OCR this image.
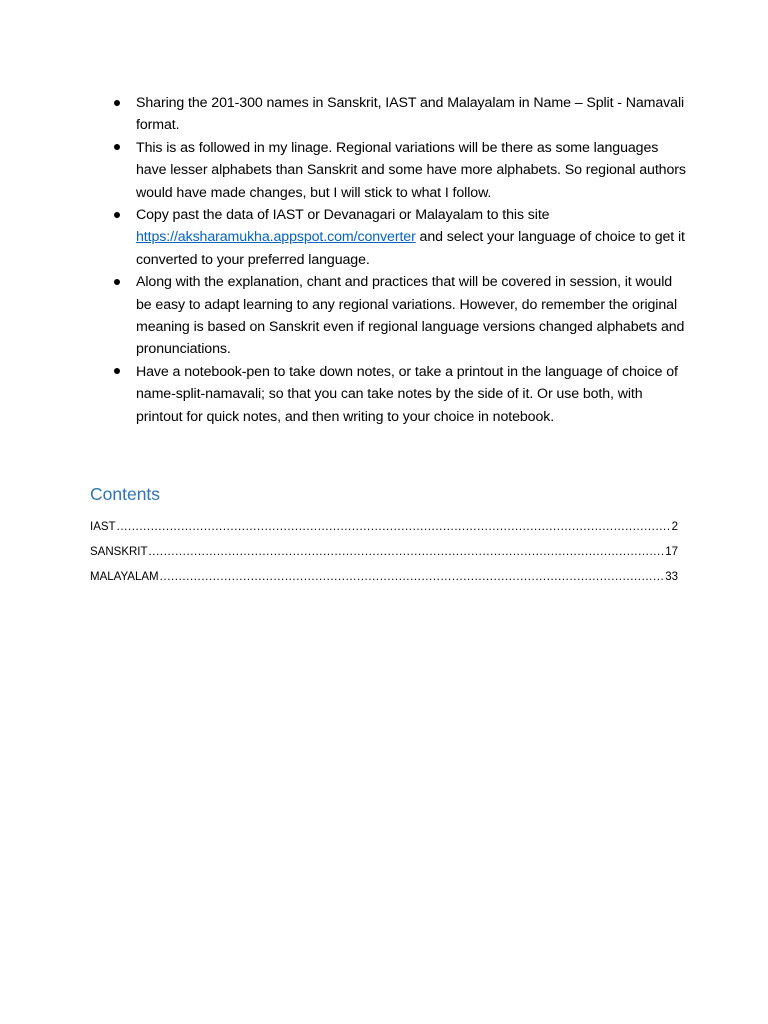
Sharing the 201-300 names in Sanskrit, IAST and Malayalam in Name – Split - Namavali format.
This is as followed in my linage. Regional variations will be there as some languages have lesser alphabets than Sanskrit and some have more alphabets. So regional authors would have made changes, but I will stick to what I follow.
Copy past the data of IAST or Devanagari or Malayalam to this site https://aksharamukha.appspot.com/converter and select your language of choice to get it converted to your preferred language.
Along with the explanation, chant and practices that will be covered in session, it would be easy to adapt learning to any regional variations. However, do remember the original meaning is based on Sanskrit even if regional language versions changed alphabets and pronunciations.
Have a notebook-pen to take down notes, or take a printout in the language of choice of name-split-namavali; so that you can take notes by the side of it. Or use both, with printout for quick notes, and then writing to your choice in notebook.
Contents
IAST .....	2
SANSKRIT .....	17
MALAYALAM .....	33
